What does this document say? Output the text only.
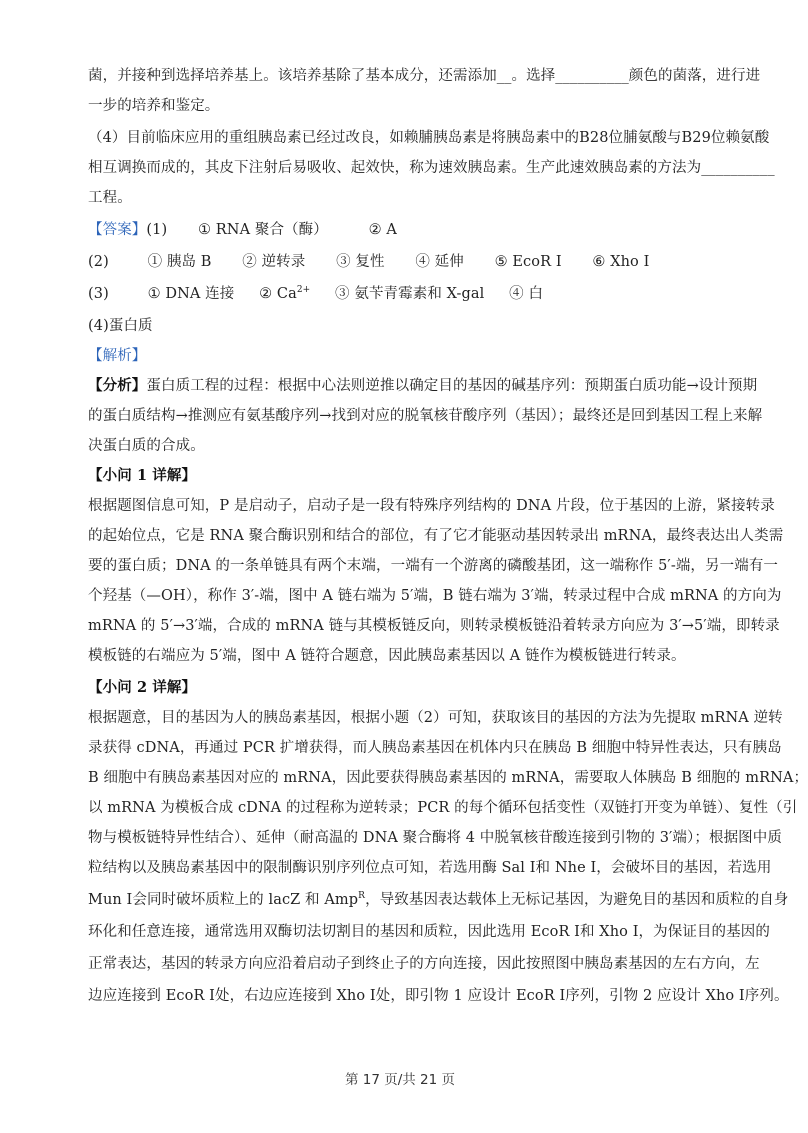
菌，并接种到选择培养基上。该培养基除了基本成分，还需添加__。选择__________颜色的菌落，进行进
一步的培养和鉴定。
（4）目前临床应用的重组胰岛素已经过改良，如赖脯胰岛素是将胰岛素中的B28位脯氨酸与B29位赖氨酸
相互调换而成的，其皮下注射后易吸收、起效快，称为速效胰岛素。生产此速效胰岛素的方法为__________
工程。
【答案】(1) ① RNA 聚合（酶）	② A
(2)	① 胰岛 B ② 逆转录 ③ 复性 ④ 延伸 ⑤ EcoR Ⅰ ⑥ Xho Ⅰ
(3)	① DNA 连接 ② $Ca^{2+}$ ③ 氨苄青霉素和 X-gal ④ 白
(4)蛋白质
【解析】
【分析】蛋白质工程的过程：根据中心法则逆推以确定目的基因的碱基序列：预期蛋白质功能→设计预期
的蛋白质结构→推测应有氨基酸序列→找到对应的脱氧核苷酸序列（基因）；最终还是回到基因工程上来解
决蛋白质的合成。
【小问 1 详解】
根据题图信息可知，P 是启动子，启动子是一段有特殊序列结构的 DNA 片段，位于基因的上游，紧接转录
的起始位点，它是 RNA 聚合酶识别和结合的部位，有了它才能驱动基因转录出 mRNA，最终表达出人类需
要的蛋白质；DNA 的一条单链具有两个末端，一端有一个游离的磷酸基团，这一端称作 5′-端，另一端有一
个羟基（—OH），称作 3′-端，图中 A 链右端为 5′端，B 链右端为 3′端，转录过程中合成 mRNA 的方向为
mRNA 的 5′→3′端，合成的 mRNA 链与其模板链反向，则转录模板链沿着转录方向应为 3′→5′端，即转录
模板链的右端应为 5′端，图中 A 链符合题意，因此胰岛素基因以 A 链作为模板链进行转录。
【小问 2 详解】
根据题意，目的基因为人的胰岛素基因，根据小题（2）可知，获取该目的基因的方法为先提取 mRNA 逆转
录获得 cDNA，再通过 PCR 扩增获得，而人胰岛素基因在机体内只在胰岛 B 细胞中特异性表达，只有胰岛
B 细胞中有胰岛素基因对应的 mRNA，因此要获得胰岛素基因的 mRNA，需要取人体胰岛 B 细胞的 mRNA；
以 mRNA 为模板合成 cDNA 的过程称为逆转录；PCR 的每个循环包括变性（双链打开变为单链）、复性（引
物与模板链特异性结合）、延伸（耐高温的 DNA 聚合酶将 4 中脱氧核苷酸连接到引物的 3′端）；根据图中质
粒结构以及胰岛素基因中的限制酶识别序列位点可知，若选用酶 Sal Ⅰ和 Nhe Ⅰ，会破坏目的基因，若选用
Mun Ⅰ会同时破坏质粒上的 lacZ 和 Amp$^R$，导致基因表达载体上无标记基因，为避免目的基因和质粒的自身
环化和任意连接，通常选用双酶切法切割目的基因和质粒，因此选用 EcoR Ⅰ和 Xho Ⅰ，为保证目的基因的
正常表达，基因的转录方向应沿着启动子到终止子的方向连接，因此按照图中胰岛素基因的左右方向，左
边应连接到 EcoR Ⅰ处，右边应连接到 Xho Ⅰ处，即引物 1 应设计 EcoR Ⅰ序列，引物 2 应设计 Xho Ⅰ序列。
第 17 页/共 21 页
